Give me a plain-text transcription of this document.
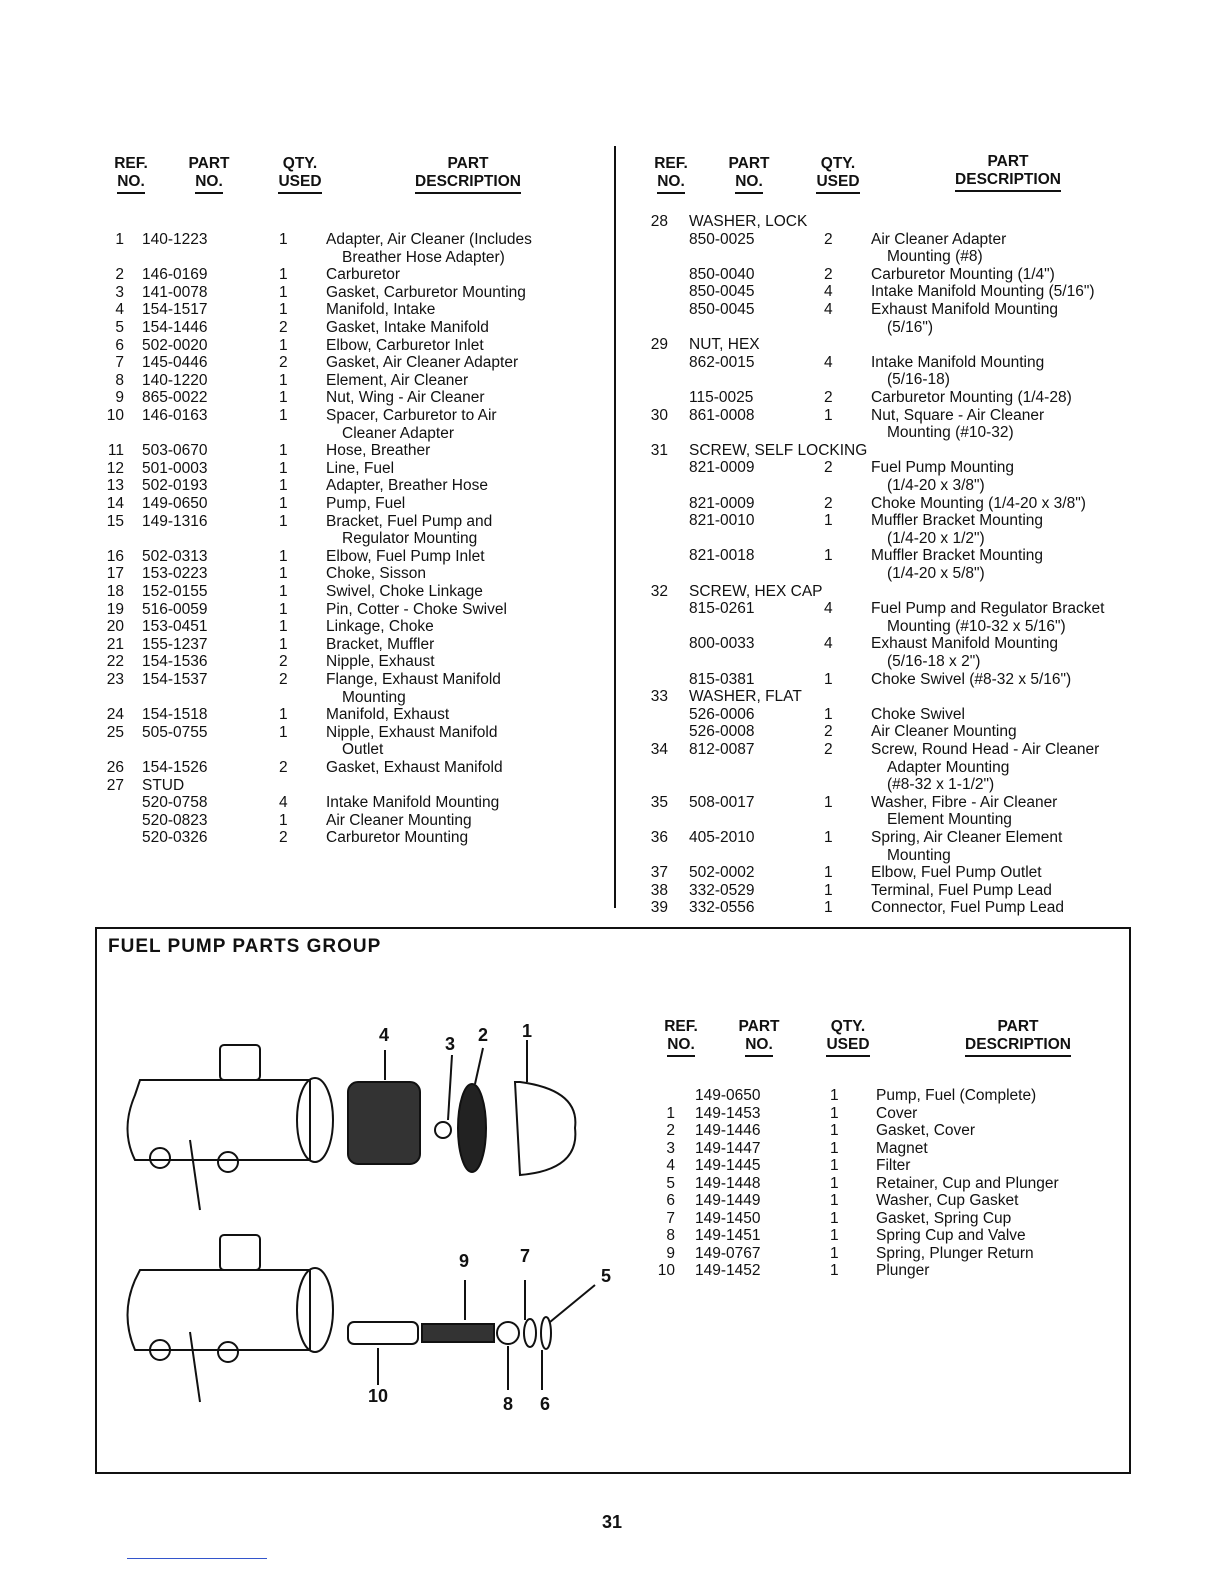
REF.
NO.
PART
NO.
QTY.
USED
PART
DESCRIPTION
REF.
NO.
PART
NO.
QTY.
USED
PART
DESCRIPTION
1 140-1223	1 Adapter, Air Cleaner (Includes
Breather Hose Adapter)
2 146-0169	1 Carburetor
3 141-0078	1 Gasket, Carburetor Mounting
4 154-1517	1 Manifold, Intake
5 154-1446	2 Gasket, Intake Manifold
6 502-0020	1 Elbow, Carburetor Inlet
7 145-0446	2 Gasket, Air Cleaner Adapter
8 140-1220	1 Element, Air Cleaner
9 865-0022	1 Nut, Wing - Air Cleaner
10 146-0163	1 Spacer, Carburetor to Air
Cleaner Adapter
11 503-0670	1 Hose, Breather
12 501-0003	1 Line, Fuel
13 502-0193	1 Adapter, Breather Hose
14 149-0650	1 Pump, Fuel
15 149-1316	1 Bracket, Fuel Pump and
Regulator Mounting
16 502-0313	1 Elbow, Fuel Pump Inlet
17 153-0223	1 Choke, Sisson
18 152-0155	1 Swivel, Choke Linkage
19 516-0059	1 Pin, Cotter - Choke Swivel
20 153-0451	1 Linkage, Choke
21 155-1237	1 Bracket, Muffler
22 154-1536	2 Nipple, Exhaust
23 154-1537	2 Flange, Exhaust Manifold
Mounting
24 154-1518	1 Manifold, Exhaust
25 505-0755	1 Nipple, Exhaust Manifold
Outlet
26 154-1526	2 Gasket, Exhaust Manifold
27 STUD
520-0758	4 Intake Manifold Mounting
520-0823	1 Air Cleaner Mounting
520-0326	2 Carburetor Mounting
28 WASHER, LOCK
850-0025	2 Air Cleaner Adapter
Mounting (#8)
850-0040	2 Carburetor Mounting (1/4")
850-0045	4 Intake Manifold Mounting (5/16")
850-0045	4 Exhaust Manifold Mounting
(5/16")
29 NUT, HEX
862-0015	4 Intake Manifold Mounting
(5/16-18)
115-0025	2 Carburetor Mounting (1/4-28)
30 861-0008	1 Nut, Square - Air Cleaner
Mounting (#10-32)
31 SCREW, SELF LOCKING
821-0009	2 Fuel Pump Mounting
(1/4-20 x 3/8")
821-0009	2 Choke Mounting (1/4-20 x 3/8")
821-0010	1 Muffler Bracket Mounting
(1/4-20 x 1/2")
821-0018	1 Muffler Bracket Mounting
(1/4-20 x 5/8")
32 SCREW, HEX CAP
815-0261	4 Fuel Pump and Regulator Bracket
Mounting (#10-32 x 5/16")
800-0033	4 Exhaust Manifold Mounting
(5/16-18 x 2")
815-0381	1 Choke Swivel (#8-32 x 5/16")
33 WASHER, FLAT
526-0006	1 Choke Swivel
526-0008	2 Air Cleaner Mounting
34 812-0087	2 Screw, Round Head - Air Cleaner
Adapter Mounting
(#8-32 x 1-1/2")
35 508-0017	1 Washer, Fibre - Air Cleaner
Element Mounting
36 405-2010	1 Spring, Air Cleaner Element
Mounting
37 502-0002	1 Elbow, Fuel Pump Outlet
38 332-0529	1 Terminal, Fuel Pump Lead
39 332-0556	1 Connector, Fuel Pump Lead
FUEL PUMP PARTS GROUP
REF.
NO.
PART
NO.
QTY.
USED
PART
DESCRIPTION
149-0650	1 Pump, Fuel (Complete)
1 149-1453	1 Cover
2 149-1446	1 Gasket, Cover
3 149-1447	1 Magnet
4 149-1445	1 Filter
5 149-1448	1 Retainer, Cup and Plunger
6 149-1449	1 Washer, Cup Gasket
7 149-1450	1 Gasket, Spring Cup
8 149-1451	1 Spring Cup and Valve
9 149-0767	1 Spring, Plunger Return
10 149-1452	1 Plunger
4	3 2 1
9	7
5
10	8 6
31
